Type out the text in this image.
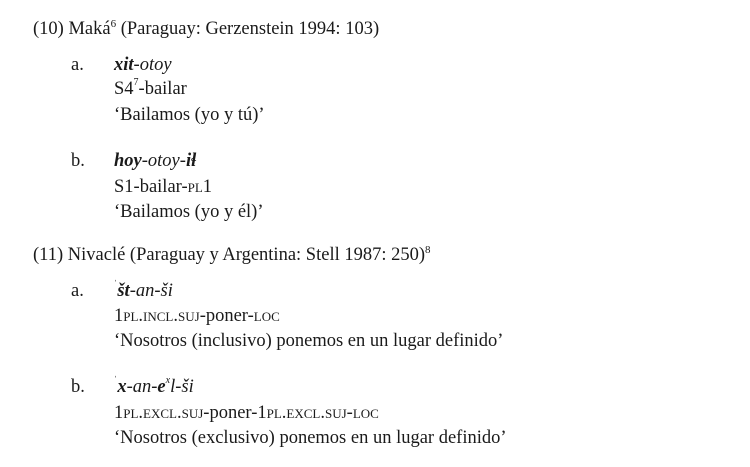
(10) Maká$^6$ (Paraguay: Gerzenstein 1994: 103)
a. xit-otoy
$S4^7$-bailar
‘Bailamos (yo y tú)’
b. hoy-otoy-iɬ
S1-bailar-pl1
‘Bailamos (yo y él)’
(11) Nivaclé (Paraguay y Argentina: Stell 1987: 250)$^8$
a.	$^ˈ$št-an-ši
1pl.incl.suj-poner-loc
‘Nosotros (inclusivo) ponemos en un lugar definido’
b.	$^ˈx-an-e^xl-ši$
1pl.excl.suj-poner-1pl.excl.suj-loc
‘Nosotros (exclusivo) ponemos en un lugar definido’
